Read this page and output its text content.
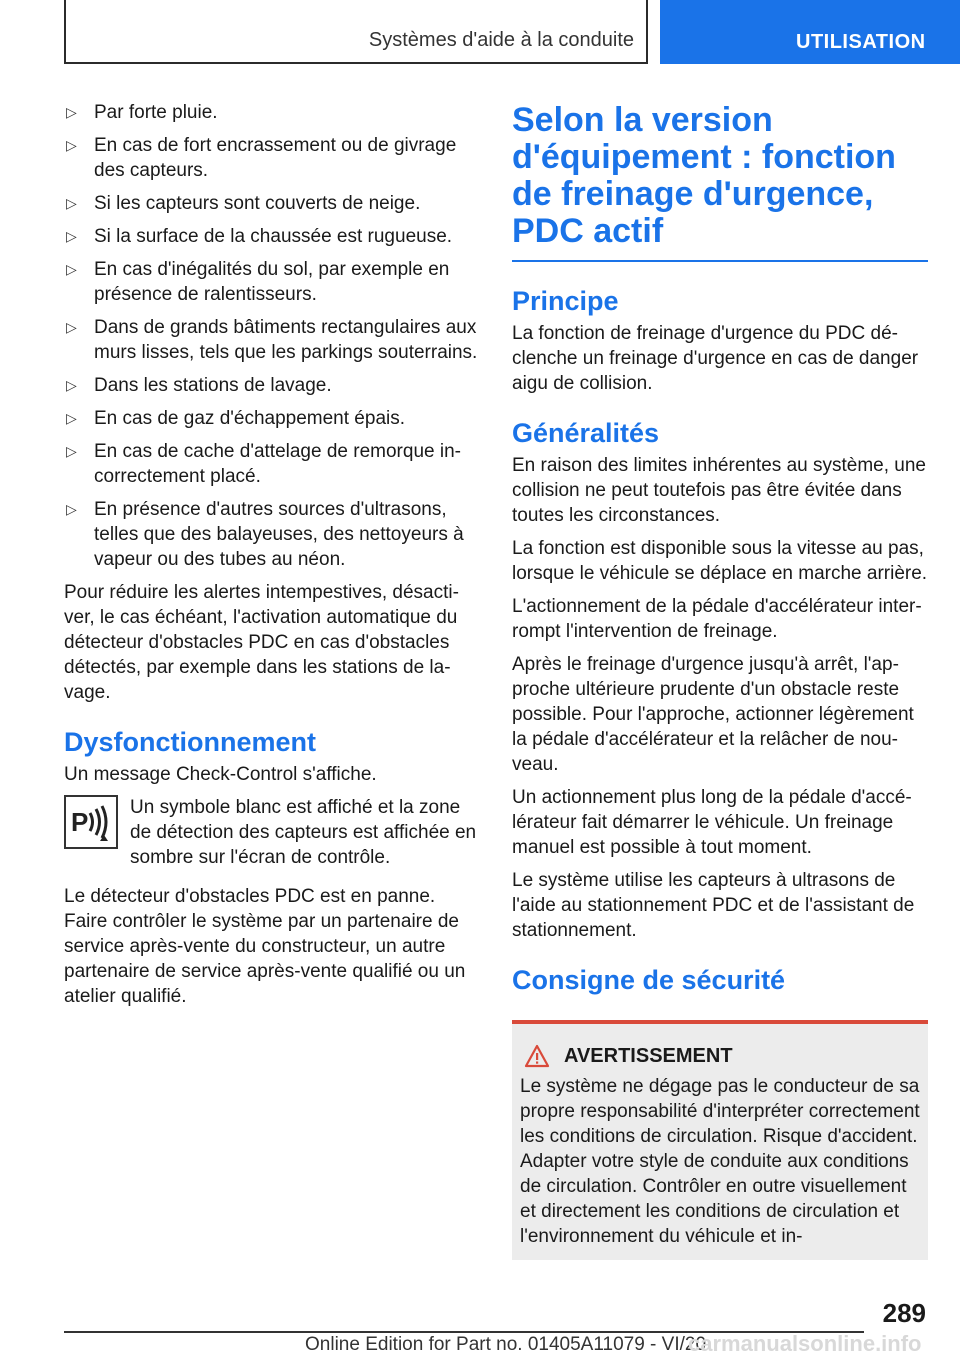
Systèmes d'aide à la conduite	UTILISATION
▷ Par forte pluie.
▷ En cas de fort encrassement ou de givrage des capteurs.
▷ Si les capteurs sont couverts de neige.
▷ Si la surface de la chaussée est rugueuse.
▷ En cas d'inégalités du sol, par exemple en présence de ralentisseurs.
▷ Dans de grands bâtiments rectangulaires aux murs lisses, tels que les parkings souterrains.
▷ Dans les stations de lavage.
▷ En cas de gaz d'échappement épais.
▷ En cas de cache d'attelage de remorque incorrectement placé.
▷ En présence d'autres sources d'ultrasons, telles que des balayeuses, des nettoyeurs à vapeur ou des tubes au néon.

Pour réduire les alertes intempestives, désactiver, le cas échéant, l'activation automatique du détecteur d'obstacles PDC en cas d'obstacles détectés, par exemple dans les stations de lavage.

Dysfonctionnement

Un message Check-Control s'affiche.

P Un symbole blanc est affiché et la zone de détection des capteurs est affichée en sombre sur l'écran de contrôle.

Le détecteur d'obstacles PDC est en panne. Faire contrôler le système par un partenaire de service après-vente du constructeur, un autre partenaire de service après-vente qualifié ou un atelier qualifié.

Selon la version d'équipement : fonction de freinage d'urgence, PDC actif
Principe

La fonction de freinage d'urgence du PDC déclenche un freinage d'urgence en cas de danger aigu de collision.

Généralités

En raison des limites inhérentes au système, une collision ne peut toutefois pas être évitée dans toutes les circonstances.

La fonction est disponible sous la vitesse au pas, lorsque le véhicule se déplace en marche arrière.

L'actionnement de la pédale d'accélérateur interrompt l'intervention de freinage.

Après le freinage d'urgence jusqu'à arrêt, l'approche ultérieure prudente d'un obstacle reste possible. Pour l'approche, actionner légèrement la pédale d'accélérateur et la relâcher de nouveau.

Un actionnement plus long de la pédale d'accélérateur fait démarrer le véhicule. Un freinage manuel est possible à tout moment.

Le système utilise les capteurs à ultrasons de l'aide au stationnement PDC et de l'assistant de stationnement.

Consigne de sécurité
AVERTISSEMENT

Le système ne dégage pas le conducteur de sa propre responsabilité d'interpréter correctement les conditions de circulation. Risque d'accident. Adapter votre style de conduite aux conditions de circulation. Contrôler en outre visuellement et directement les conditions de circulation et l'environnement du véhicule et in-

289
Online Edition for Part no. 01405A11079 - VI/20
carmanualsonline.info
